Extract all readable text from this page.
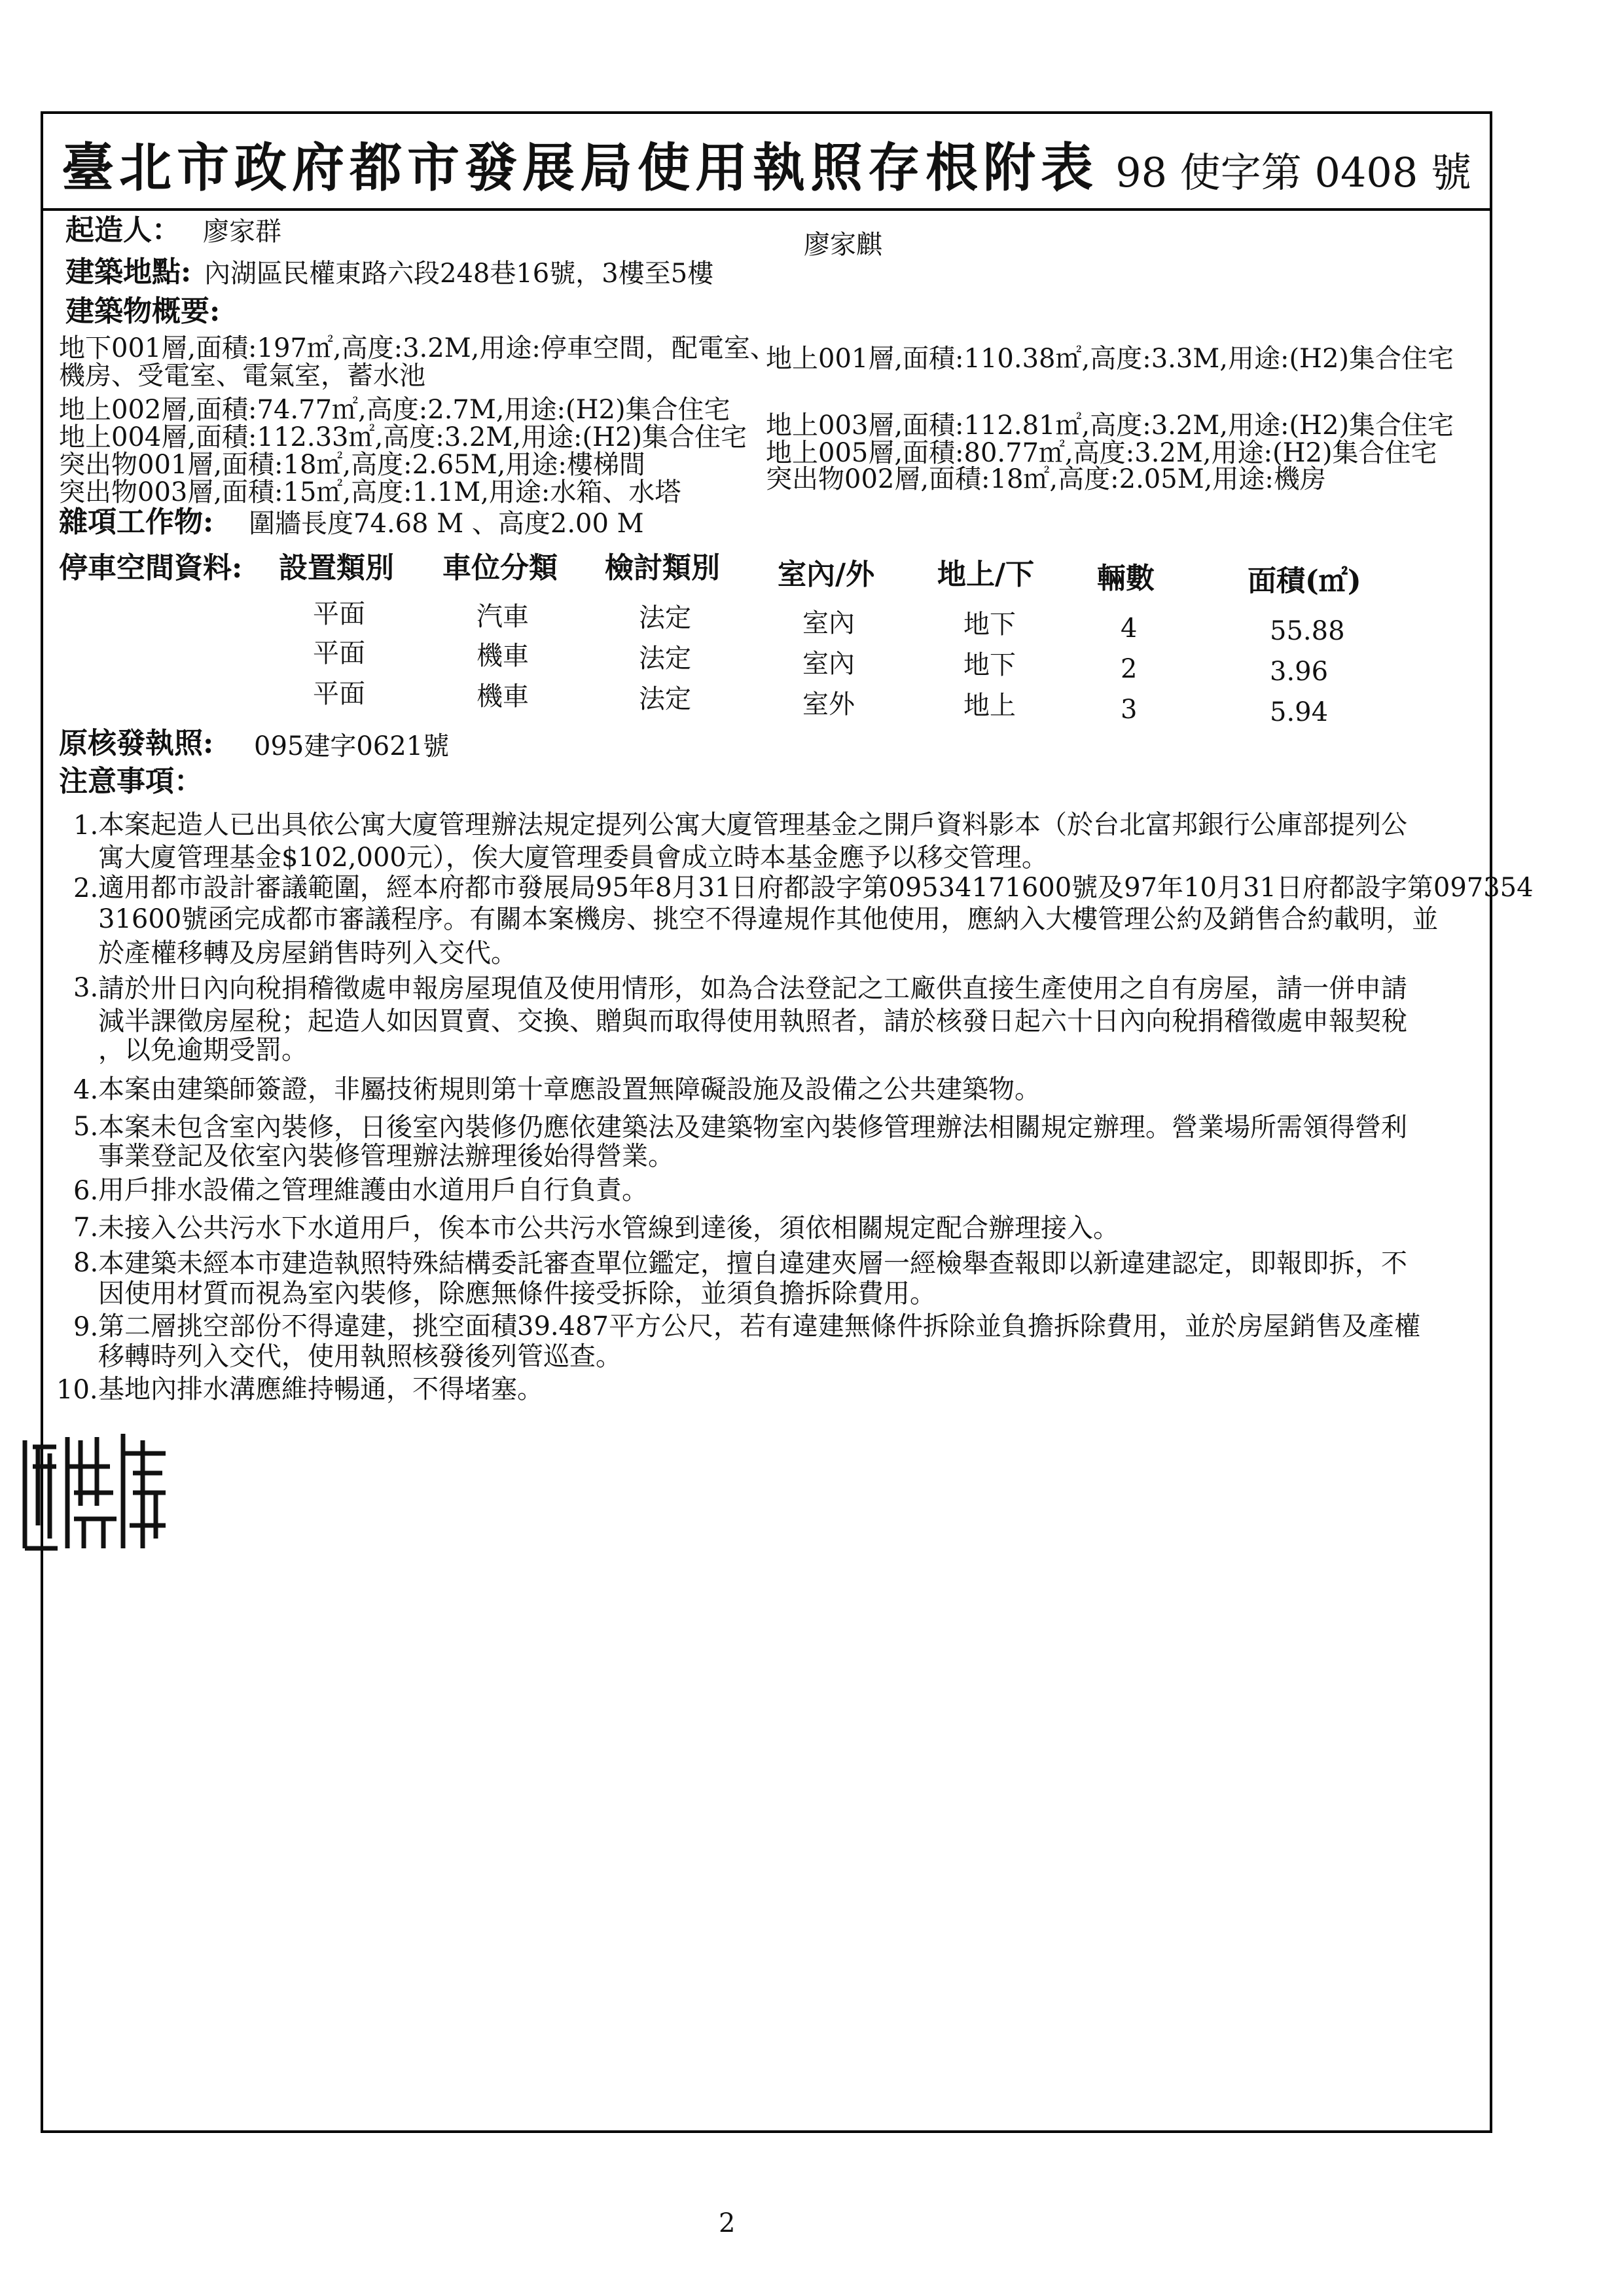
臺北市政府都市發展局使用執照存根附表 98 使字第 0408 號
起造人： 廖家群	廖家麒
建築地點: 內湖區民權東路六段248巷16號，3樓至5樓
建築物概要:
地下001層,面積:197㎡,高度:3.2M,用途:停車空間，配電室、
機房、受電室、電氣室，蓄水池
地上001層,面積:110.38㎡,高度:3.3M,用途:(H2)集合住宅
地上002層,面積:74.77㎡,高度:2.7M,用途:(H2)集合住宅
地上003層,面積:112.81㎡,高度:3.2M,用途:(H2)集合住宅
地上004層,面積:112.33㎡,高度:3.2M,用途:(H2)集合住宅
地上005層,面積:80.77㎡,高度:3.2M,用途:(H2)集合住宅
突出物001層,面積:18㎡,高度:2.65M,用途:樓梯間	突出物002層,面積:18㎡,高度:2.05M,用途:機房
突出物003層,面積:15㎡,高度:1.1M,用途:水箱、水塔
雜項工作物: 圍牆長度74.68 M 、高度2.00 M
停車空間資料: 設置類別 車位分類 檢討類別 室內/外 地上/下 輛數	面積(㎡)
平面	汽車	法定	室內	地下	4	55.88
平面	機車	法定	室內	地下	2	3.96
平面	機車	法定	室外	地上	3	5.94
原核發執照: 095建字0621號
注意事項：
1. 本案起造人已出具依公寓大廈管理辦法規定提列公寓大廈管理基金之開戶資料影本（於台北富邦銀行公庫部提列公
寓大廈管理基金$102,000元），俟大廈管理委員會成立時本基金應予以移交管理。
2. 適用都市設計審議範圍，經本府都市發展局95年8月31日府都設字第09534171600號及97年10月31日府都設字第097354
31600號函完成都市審議程序。有關本案機房、挑空不得違規作其他使用，應納入大樓管理公約及銷售合約載明，並
於產權移轉及房屋銷售時列入交代。
3. 請於卅日內向稅捐稽徵處申報房屋現值及使用情形，如為合法登記之工廠供直接生產使用之自有房屋，請一併申請
減半課徵房屋稅；起造人如因買賣、交換、贈與而取得使用執照者，請於核發日起六十日內向稅捐稽徵處申報契稅
，以免逾期受罰。
4. 本案由建築師簽證，非屬技術規則第十章應設置無障礙設施及設備之公共建築物。
5. 本案未包含室內裝修，日後室內裝修仍應依建築法及建築物室內裝修管理辦法相關規定辦理。營業場所需領得營利
事業登記及依室內裝修管理辦法辦理後始得營業。
6. 用戶排水設備之管理維護由水道用戶自行負責。
7. 未接入公共污水下水道用戶，俟本市公共污水管線到達後，須依相關規定配合辦理接入。
8. 本建築未經本市建造執照特殊結構委託審查單位鑑定，擅自違建夾層一經檢舉查報即以新違建認定，即報即拆，不
因使用材質而視為室內裝修，除應無條件接受拆除，並須負擔拆除費用。
9. 第二層挑空部份不得違建，挑空面積39.487平方公尺，若有違建無條件拆除並負擔拆除費用，並於房屋銷售及產權
移轉時列入交代，使用執照核發後列管巡查。
10. 基地內排水溝應維持暢通，不得堵塞。
2
